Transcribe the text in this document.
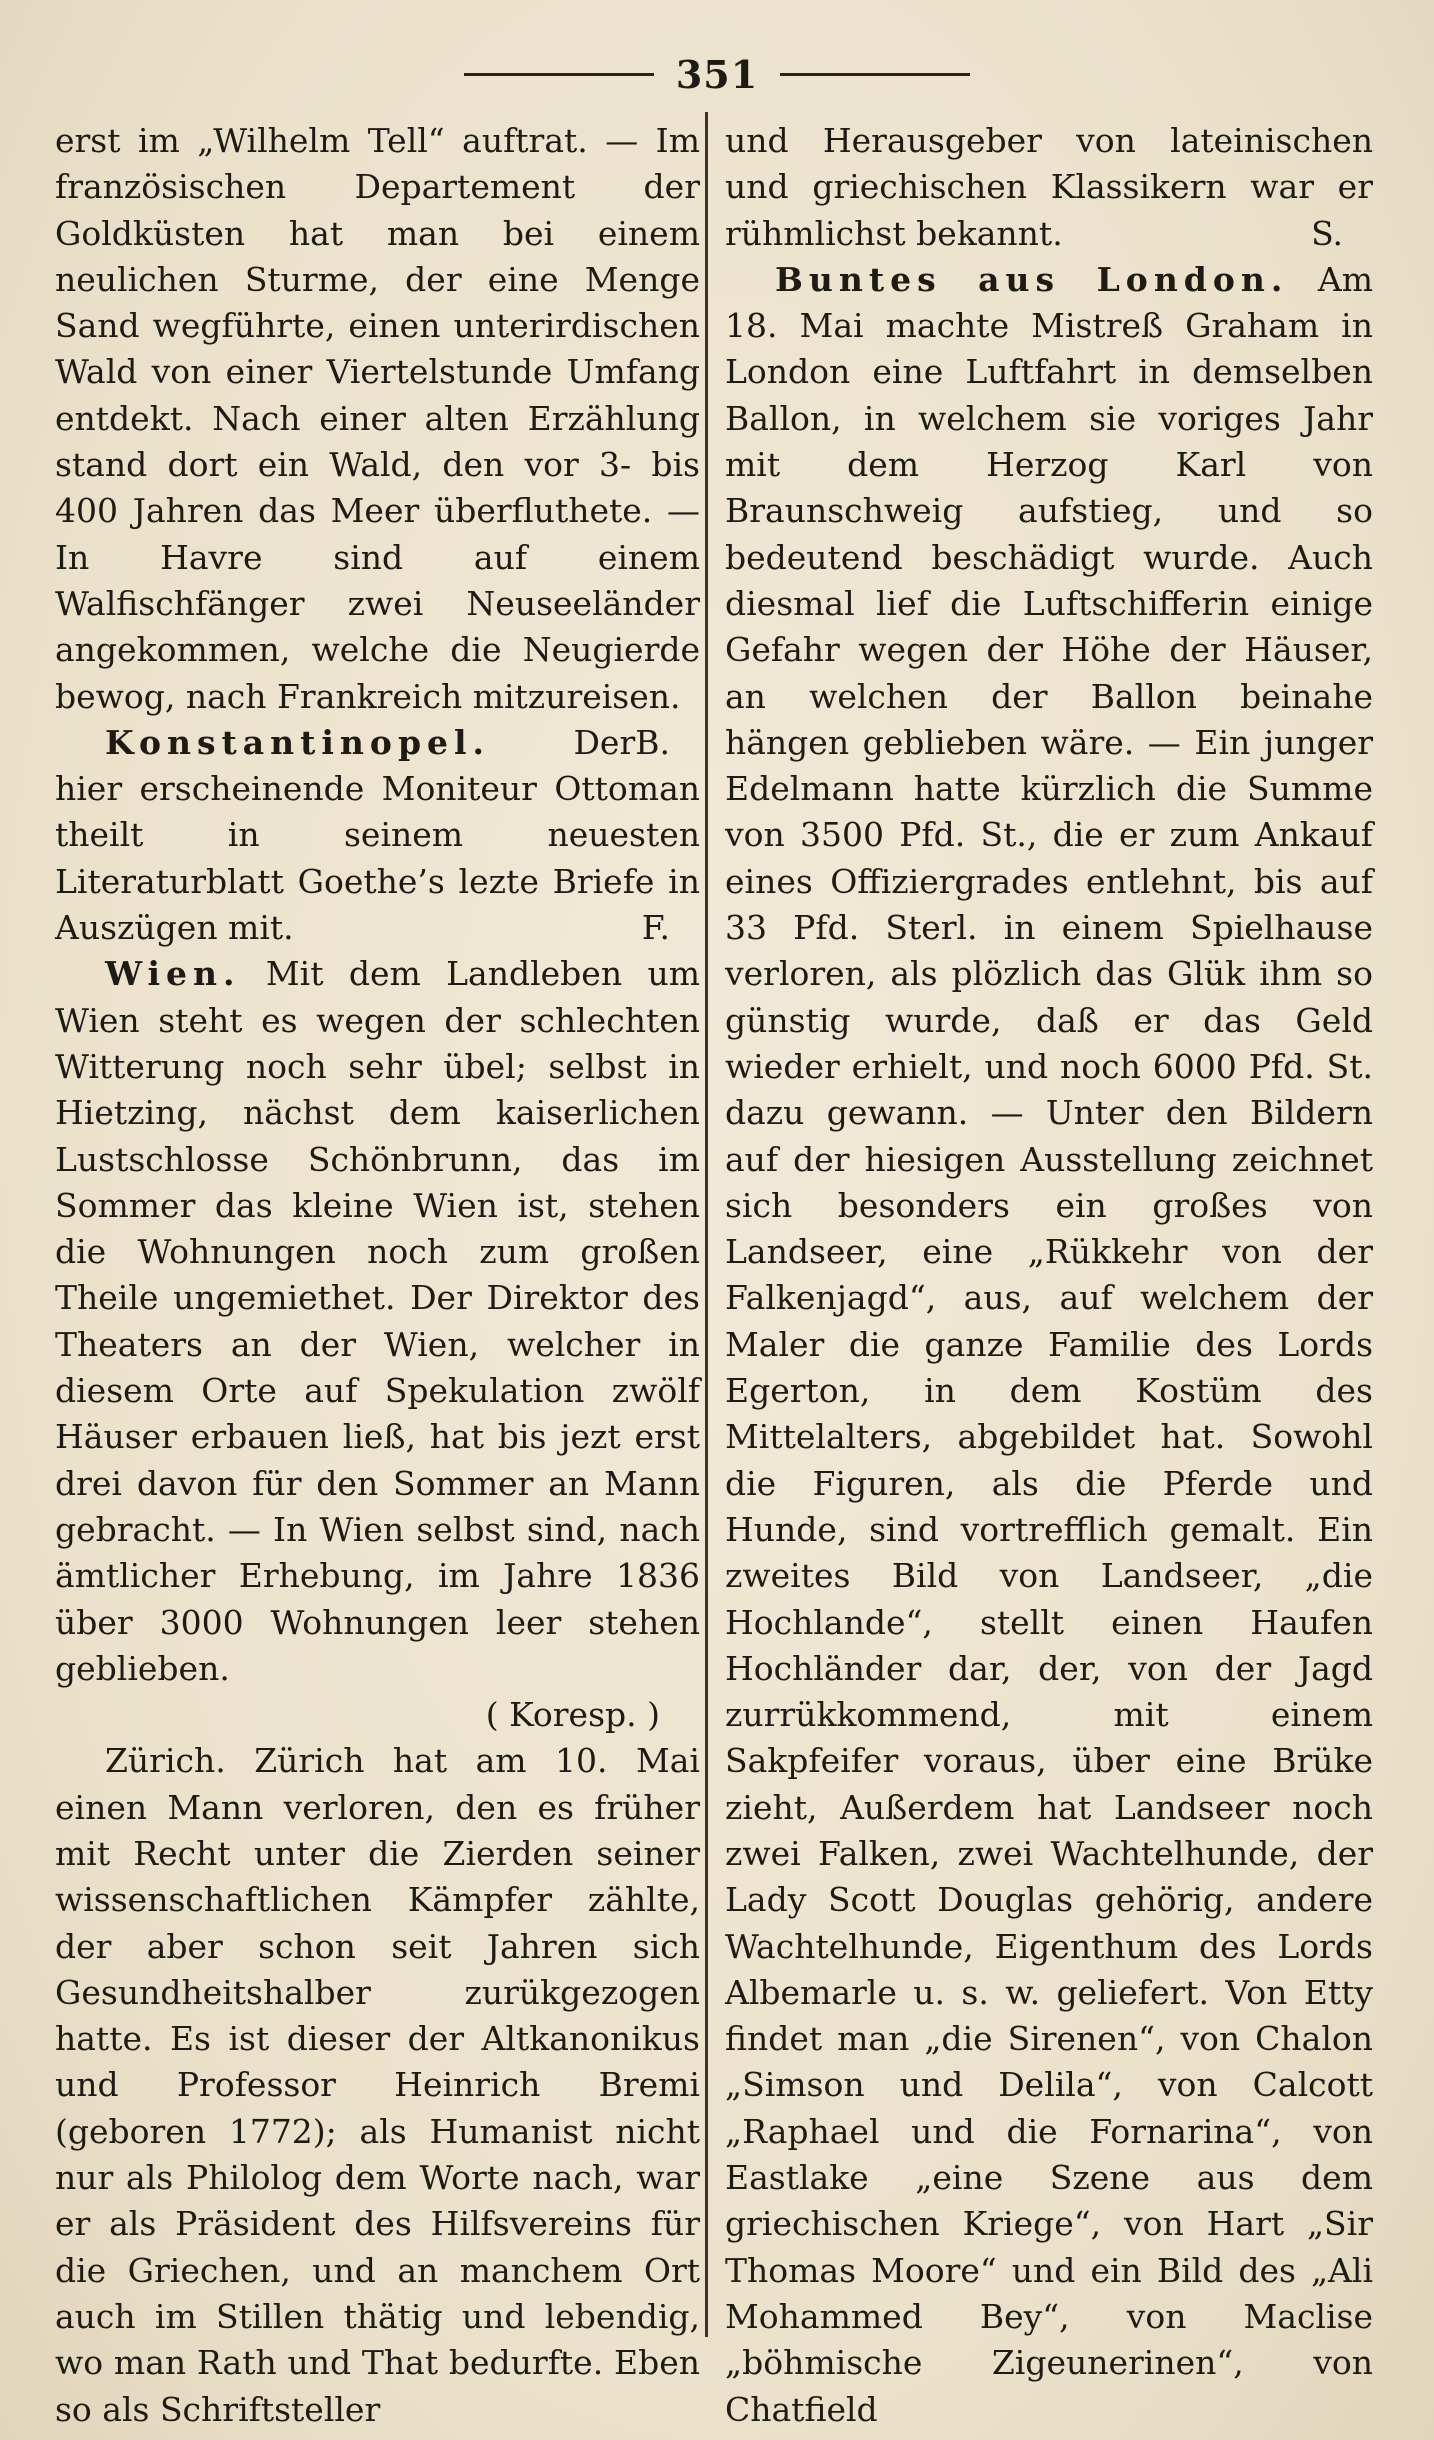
351

erst im „Wilhelm Tell“ auftrat. — Im französischen Departement der Goldküsten hat man bei einem neulichen Sturme, der eine Menge Sand wegführte, einen unterirdischen Wald von einer Viertelstunde Umfang entdekt. Nach einer alten Erzählung stand dort ein Wald, den vor 3- bis 400 Jahren das Meer überfluthete. — In Havre sind auf einem Walfischfänger zwei Neuseeländer angekommen, welche die Neugierde bewog, nach Frankreich mitzureisen.
B.

Konstantinopel. Der hier erscheinende Moniteur Ottoman theilt in seinem neuesten Literaturblatt Goethe’s lezte Briefe in Auszügen mit.	F.

Wien. Mit dem Landleben um Wien steht es wegen der schlechten Witterung noch sehr übel; selbst in Hietzing, nächst dem kaiserlichen Lustschlosse Schönbrunn, das im Sommer das kleine Wien ist, stehen die Wohnungen noch zum großen Theile ungemiethet. Der Direktor des Theaters an der Wien, welcher in diesem Orte auf Spekulation zwölf Häuser erbauen ließ, hat bis jezt erst drei davon für den Sommer an Mann gebracht. — In Wien selbst sind, nach ämtlicher Erhebung, im Jahre 1836 über 3000 Wohnungen leer stehen geblieben.
( Koresp. )

Zürich. Zürich hat am 10. Mai einen Mann verloren, den es früher mit Recht unter die Zierden seiner wissenschaftlichen Kämpfer zählte, der aber schon seit Jahren sich Gesundheitshalber zurükgezogen hatte. Es ist dieser der Altkanonikus und Professor Heinrich Bremi (geboren 1772); als Humanist nicht nur als Philolog dem Worte nach, war er als Präsident des Hilfsvereins für die Griechen, und an manchem Ort auch im Stillen thätig und lebendig, wo man Rath und That bedurfte. Eben so als Schriftsteller

und Herausgeber von lateinischen und griechischen Klassikern war er rühmlichst bekannt.	S.

Buntes aus London. Am 18. Mai machte Mistreß Graham in London eine Luftfahrt in demselben Ballon, in welchem sie voriges Jahr mit dem Herzog Karl von Braunschweig aufstieg, und so bedeutend beschädigt wurde. Auch diesmal lief die Luftschifferin einige Gefahr wegen der Höhe der Häuser, an welchen der Ballon beinahe hängen geblieben wäre. — Ein junger Edelmann hatte kürzlich die Summe von 3500 Pfd. St., die er zum Ankauf eines Offiziergrades entlehnt, bis auf 33 Pfd. Sterl. in einem Spielhause verloren, als plözlich das Glük ihm so günstig wurde, daß er das Geld wieder erhielt, und noch 6000 Pfd. St. dazu gewann. — Unter den Bildern auf der hiesigen Ausstellung zeichnet sich besonders ein großes von Landseer, eine „Rükkehr von der Falkenjagd“, aus, auf welchem der Maler die ganze Familie des Lords Egerton, in dem Kostüm des Mittelalters, abgebildet hat. Sowohl die Figuren, als die Pferde und Hunde, sind vortrefflich gemalt. Ein zweites Bild von Landseer, „die Hochlande“, stellt einen Haufen Hochländer dar, der, von der Jagd zurrükkommend, mit einem Sakpfeifer voraus, über eine Brüke zieht, Außerdem hat Landseer noch zwei Falken, zwei Wachtelhunde, der Lady Scott Douglas gehörig, andere Wachtelhunde, Eigenthum des Lords Albemarle u. s. w. geliefert. Von Etty findet man „die Sirenen“, von Chalon „Simson und Delila“, von Calcott „Raphael und die Fornarina“, von Eastlake „eine Szene aus dem griechischen Kriege“, von Hart „Sir Thomas Moore“ und ein Bild des „Ali Mohammed Bey“, von Maclise „böhmische Zigeunerinen“, von Chatfield
